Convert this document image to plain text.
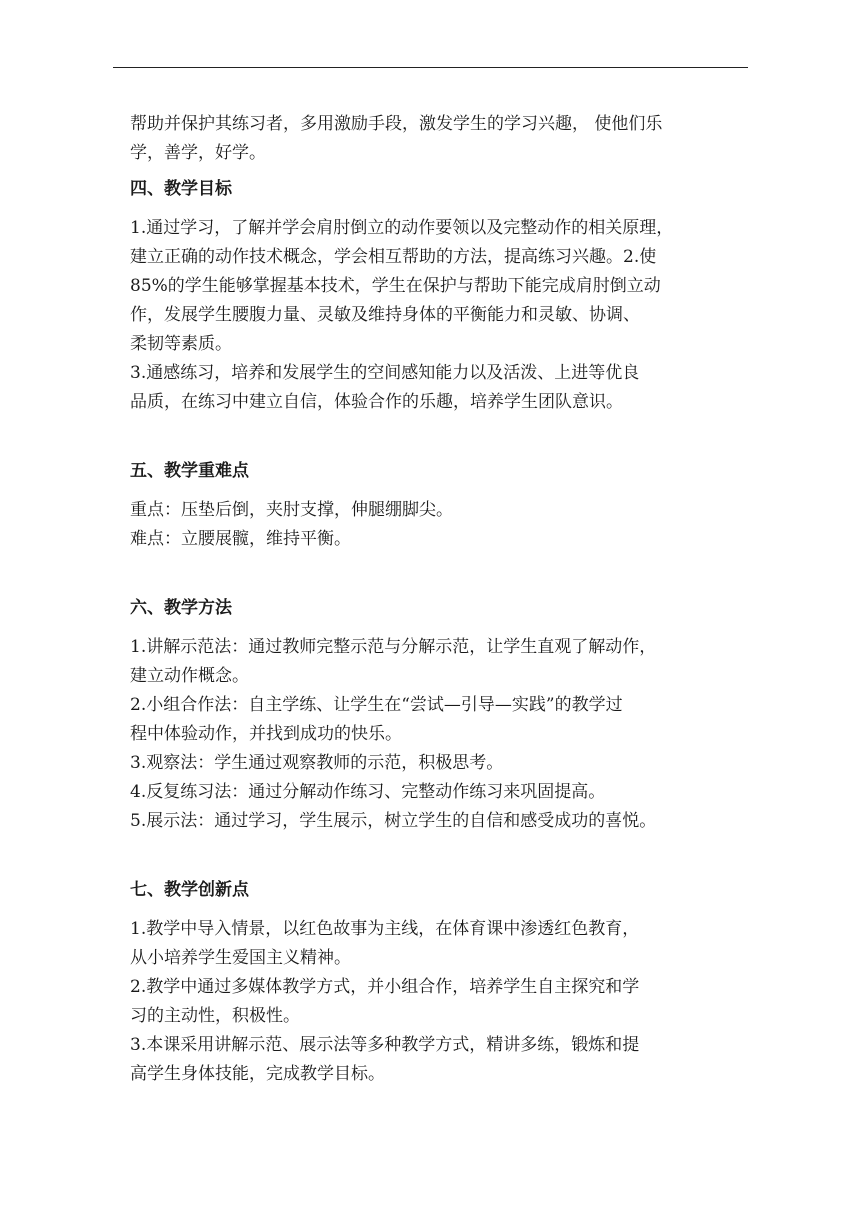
帮助并保护其练习者，多用激励手段，激发学生的学习兴趣， 使他们乐
学，善学，好学。
四、教学目标
1.通过学习，了解并学会肩肘倒立的动作要领以及完整动作的相关原理，
建立正确的动作技术概念，学会相互帮助的方法，提高练习兴趣。2.使
85%的学生能够掌握基本技术，学生在保护与帮助下能完成肩肘倒立动
作，发展学生腰腹力量、灵敏及维持身体的平衡能力和灵敏、协调、
柔韧等素质。
3.通感练习，培养和发展学生的空间感知能力以及活泼、上进等优良
品质，在练习中建立自信，体验合作的乐趣，培养学生团队意识。
五、教学重难点
重点：压垫后倒，夹肘支撑，伸腿绷脚尖。
难点：立腰展髋，维持平衡。
六、教学方法
1.讲解示范法：通过教师完整示范与分解示范，让学生直观了解动作，
建立动作概念。
2.小组合作法：自主学练、让学生在“尝试—引导—实践”的教学过
程中体验动作，并找到成功的快乐。
3.观察法：学生通过观察教师的示范，积极思考。
4.反复练习法：通过分解动作练习、完整动作练习来巩固提高。
5.展示法：通过学习，学生展示，树立学生的自信和感受成功的喜悦。
七、教学创新点
1.教学中导入情景，以红色故事为主线，在体育课中渗透红色教育，
从小培养学生爱国主义精神。
2.教学中通过多媒体教学方式，并小组合作，培养学生自主探究和学
习的主动性，积极性。
3.本课采用讲解示范、展示法等多种教学方式，精讲多练，锻炼和提
高学生身体技能，完成教学目标。
